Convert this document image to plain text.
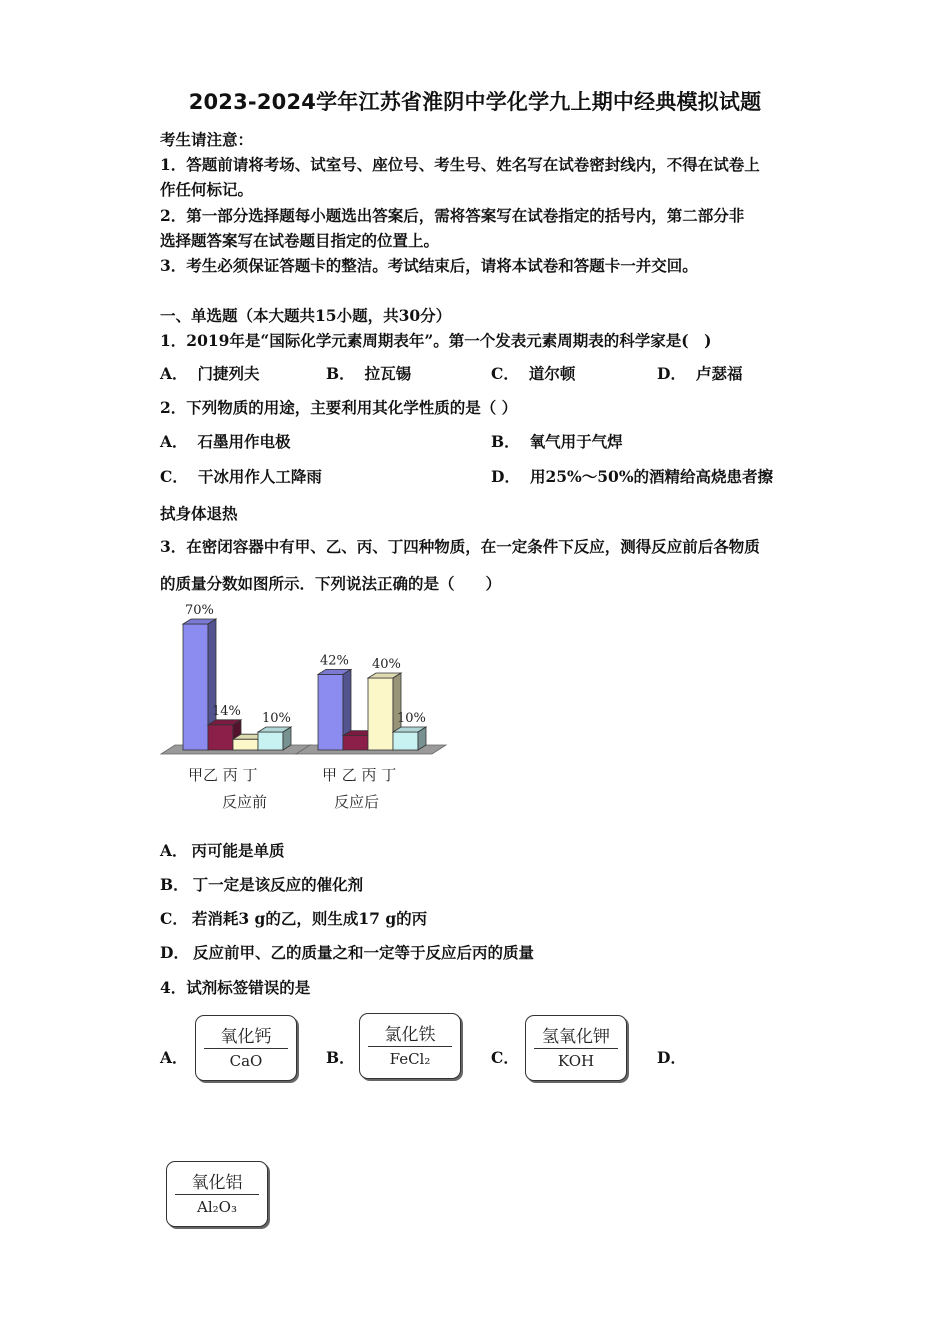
2023-2024学年江苏省淮阴中学化学九上期中经典模拟试题
考生请注意：
1．答题前请将考场、试室号、座位号、考生号、姓名写在试卷密封线内，不得在试卷上
作任何标记。
2．第一部分选择题每小题选出答案后，需将答案写在试卷指定的括号内，第二部分非
选择题答案写在试卷题目指定的位置上。
3．考生必须保证答题卡的整洁。考试结束后，请将本试卷和答题卡一并交回。
一、单选题（本大题共15小题，共30分）
1．2019年是“国际化学元素周期表年”。第一个发表元素周期表的科学家是(　)
A． 门捷列夫	B． 拉瓦锡	C． 道尔顿	D． 卢瑟福
2．下列物质的用途，主要利用其化学性质的是（ ）
A． 石墨用作电极	B． 氧气用于气焊
C． 干冰用作人工降雨	D． 用25%～50%的酒精给高烧患者擦
拭身体退热
3．在密闭容器中有甲、乙、丙、丁四种物质，在一定条件下反应，测得反应前后各物质
的质量分数如图所示．下列说法正确的是（　　）
70%
14% 10%
42% 40%
10%
甲乙 丙 丁	甲 乙 丙 丁
反应前	反应后
A． 丙可能是单质
B． 丁一定是该反应的催化剂
C． 若消耗3 g的乙，则生成17 g的丙
D． 反应前甲、乙的质量之和一定等于反应后丙的质量
4．试剂标签错误的是
A．
氧化钙
CaO	B．
氯化铁
FeCl₂	C．
氢氧化钾
KOH	D．
氧化铝
Al₂O₃
